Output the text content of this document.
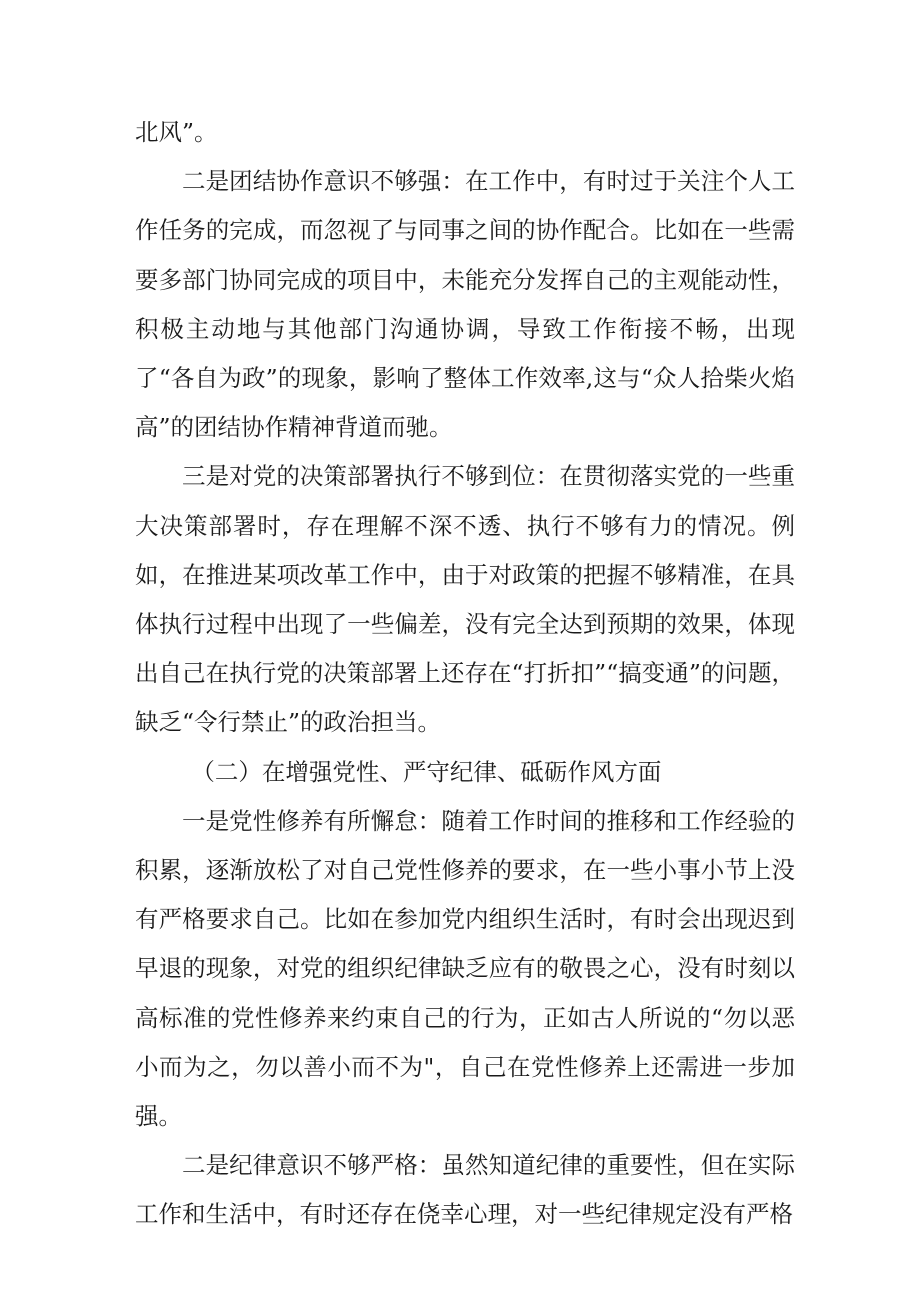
北风”。

二是团结协作意识不够强：在工作中，有时过于关注个人工作任务的完成，而忽视了与同事之间的协作配合。比如在一些需要多部门协同完成的项目中，未能充分发挥自己的主观能动性，积极主动地与其他部门沟通协调，导致工作衔接不畅，出现了“各自为政”的现象，影响了整体工作效率,这与“众人拾柴火焰高”的团结协作精神背道而驰。

三是对党的决策部署执行不够到位：在贯彻落实党的一些重大决策部署时，存在理解不深不透、执行不够有力的情况。例如，在推进某项改革工作中，由于对政策的把握不够精准，在具体执行过程中出现了一些偏差，没有完全达到预期的效果，体现出自己在执行党的决策部署上还存在“打折扣”“搞变通”的问题，缺乏“令行禁止”的政治担当。

（二）在增强党性、严守纪律、砥砺作风方面

一是党性修养有所懈怠：随着工作时间的推移和工作经验的积累，逐渐放松了对自己党性修养的要求，在一些小事小节上没有严格要求自己。比如在参加党内组织生活时，有时会出现迟到早退的现象，对党的组织纪律缺乏应有的敬畏之心，没有时刻以高标准的党性修养来约束自己的行为，正如古人所说的“勿以恶小而为之，勿以善小而不为"，自己在党性修养上还需进一步加强。

二是纪律意识不够严格：虽然知道纪律的重要性，但在实际工作和生活中，有时还存在侥幸心理，对一些纪律规定没有严格
